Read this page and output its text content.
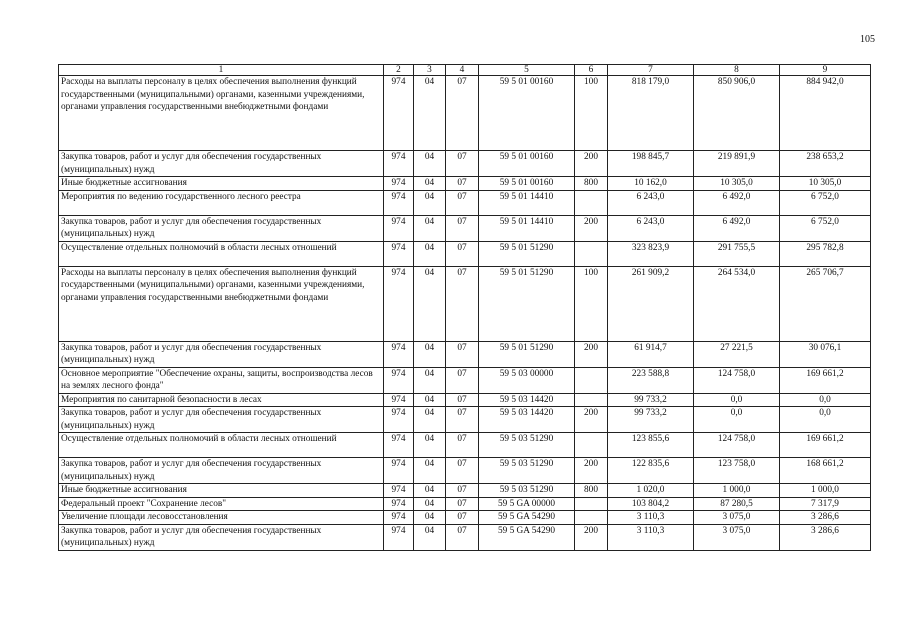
105
1	2	3	4	5	6	7	8	9
Расходы на выплаты персоналу в целях обеспечения выполнения функций государственными (муниципальными) органами, казенными учреждениями, органами управления государственными внебюджетными фондами	974	04	07	59 5 01 00160	100	818 179,0	850 906,0	884 942,0
Закупка товаров, работ и услуг для обеспечения государственных (муниципальных) нужд	974	04	07	59 5 01 00160	200	198 845,7	219 891,9	238 653,2
Иные бюджетные ассигнования	974	04	07	59 5 01 00160	800	10 162,0	10 305,0	10 305,0
Мероприятия по ведению государственного лесного реестра	974	04	07	59 5 01 14410		6 243,0	6 492,0	6 752,0
Закупка товаров, работ и услуг для обеспечения государственных (муниципальных) нужд	974	04	07	59 5 01 14410	200	6 243,0	6 492,0	6 752,0
Осуществление отдельных полномочий в области лесных отношений	974	04	07	59 5 01 51290		323 823,9	291 755,5	295 782,8
Расходы на выплаты персоналу в целях обеспечения выполнения функций государственными (муниципальными) органами, казенными учреждениями, органами управления государственными внебюджетными фондами	974	04	07	59 5 01 51290	100	261 909,2	264 534,0	265 706,7
Закупка товаров, работ и услуг для обеспечения государственных (муниципальных) нужд	974	04	07	59 5 01 51290	200	61 914,7	27 221,5	30 076,1
Основное мероприятие "Обеспечение охраны, защиты, воспроизводства лесов на землях лесного фонда"	974	04	07	59 5 03 00000		223 588,8	124 758,0	169 661,2
Мероприятия по санитарной безопасности в лесах	974	04	07	59 5 03 14420		99 733,2	0,0	0,0
Закупка товаров, работ и услуг для обеспечения государственных (муниципальных) нужд	974	04	07	59 5 03 14420	200	99 733,2	0,0	0,0
Осуществление отдельных полномочий в области лесных отношений	974	04	07	59 5 03 51290		123 855,6	124 758,0	169 661,2
Закупка товаров, работ и услуг для обеспечения государственных (муниципальных) нужд	974	04	07	59 5 03 51290	200	122 835,6	123 758,0	168 661,2
Иные бюджетные ассигнования	974	04	07	59 5 03 51290	800	1 020,0	1 000,0	1 000,0
Федеральный проект "Сохранение лесов"	974	04	07	59 5 GA 00000		103 804,2	87 280,5	7 317,9
Увеличение площади лесовосстановления	974	04	07	59 5 GA 54290		3 110,3	3 075,0	3 286,6
Закупка товаров, работ и услуг для обеспечения государственных (муниципальных) нужд	974	04	07	59 5 GA 54290	200	3 110,3	3 075,0	3 286,6
